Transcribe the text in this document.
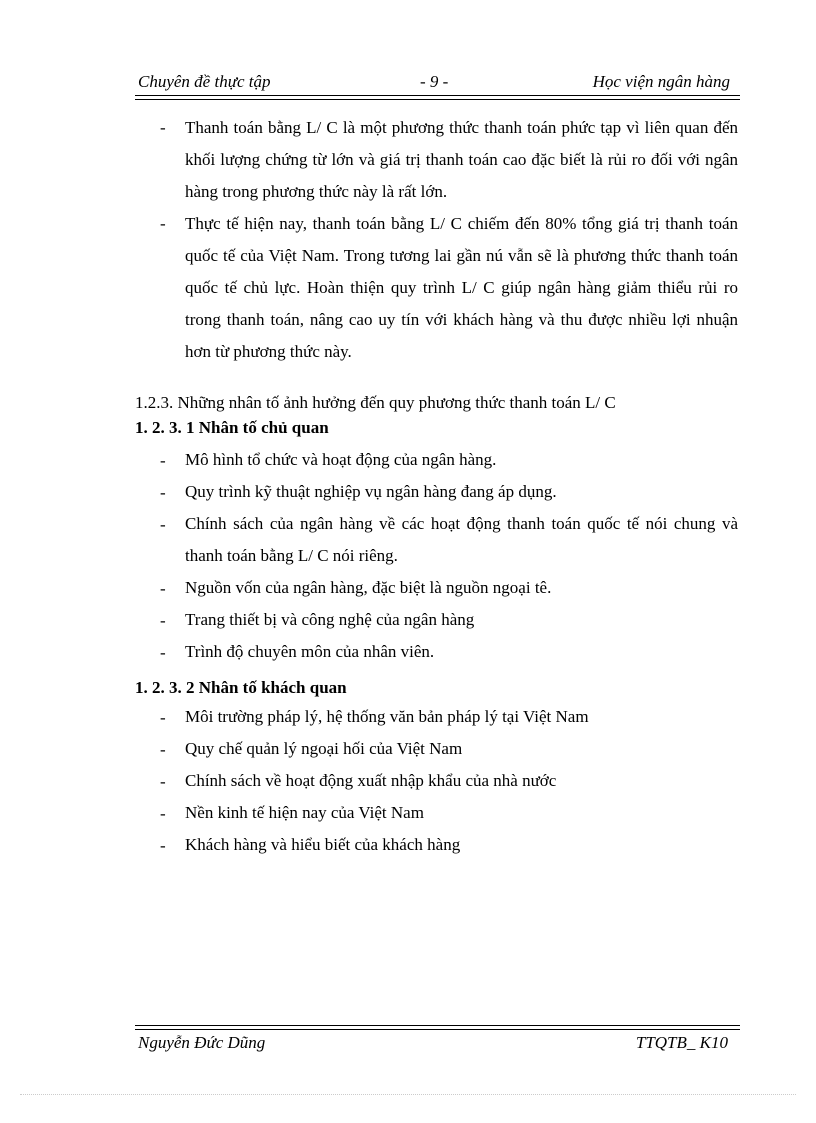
Chuyên đề thực tập	- 9 -	Học viện ngân hàng
- Thanh toán bằng L/ C là một phương thức thanh toán phức tạp vì liên quan đến khối lượng chứng từ lớn và giá trị thanh toán cao đặc biết là rủi ro đối với ngân hàng trong phương thức này là rất lớn.
- Thực tế hiện nay, thanh toán bằng L/ C chiếm đến 80% tổng giá trị thanh toán quốc tế của Việt Nam. Trong tương lai gần nú vẫn sẽ là phương thức thanh toán quốc tế chủ lực. Hoàn thiện quy trình L/ C giúp ngân hàng giảm thiểu rủi ro trong thanh toán, nâng cao uy tín với khách hàng và thu được nhiều lợi nhuận hơn từ phương thức này.
1.2.3. Những nhân tố ảnh hưởng đến quy phương thức thanh toán L/ C
1. 2. 3. 1 Nhân tố chủ quan
- Mô hình tổ chức và hoạt động của ngân hàng.
- Quy trình kỹ thuật nghiệp vụ ngân hàng đang áp dụng.
- Chính sách của ngân hàng về các hoạt động thanh toán quốc tế nói chung và thanh toán bằng L/ C nói riêng.
- Nguồn vốn của ngân hàng, đặc biệt là nguồn ngoại tê.
- Trang thiết bị và công nghệ của ngân hàng
- Trình độ chuyên môn của nhân viên.
1. 2. 3. 2 Nhân tố khách quan
- Môi trường pháp lý, hệ thống văn bản pháp lý tại Việt Nam
- Quy chế quản lý ngoại hối của Việt Nam
- Chính sách về hoạt động xuất nhập khẩu của nhà nước
- Nền kinh tế hiện nay của Việt Nam
- Khách hàng và hiểu biết của khách hàng
Nguyễn Đức Dũng	TTQTB_ K10
